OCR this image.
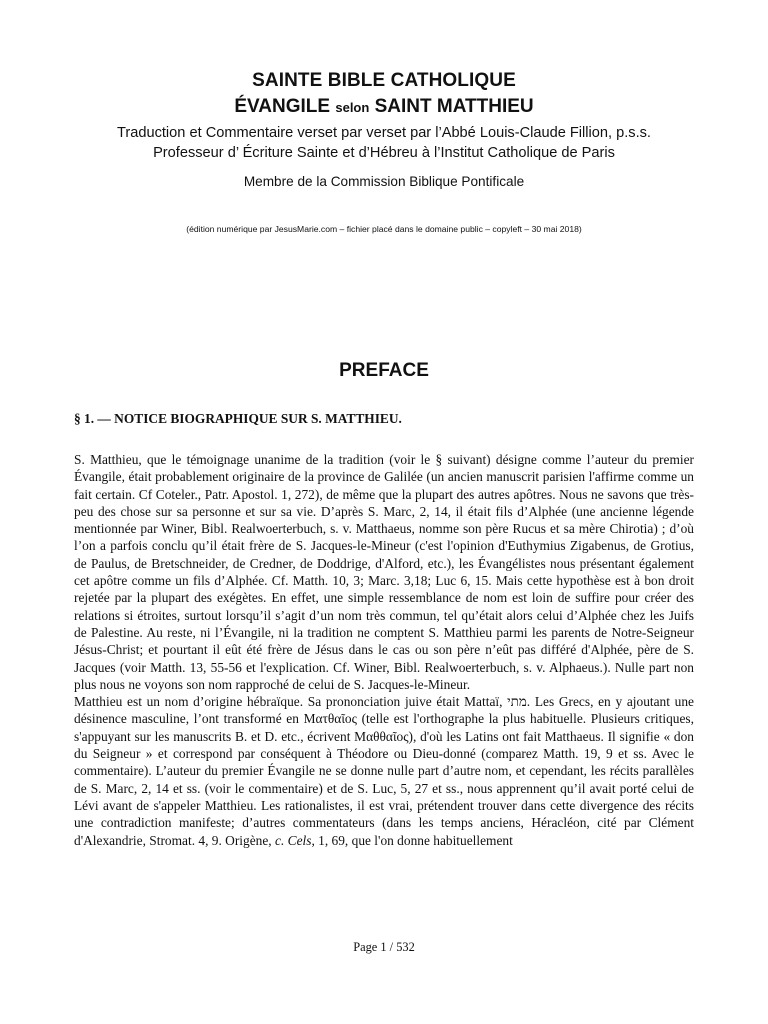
SAINTE BIBLE CATHOLIQUE
ÉVANGILE selon SAINT MATTHIEU
Traduction et Commentaire verset par verset par l’Abbé Louis-Claude Fillion, p.s.s.
Professeur d’ Écriture Sainte et d’Hébreu à l’Institut Catholique de Paris
Membre de la Commission Biblique Pontificale
(édition numérique par JesusMarie.com – fichier placé dans le domaine public – copyleft – 30 mai 2018)
PREFACE
§ 1. — NOTICE BIOGRAPHIQUE SUR S. MATTHIEU.

S. Matthieu, que le témoignage unanime de la tradition (voir le § suivant) désigne comme l’auteur du premier Évangile, était probablement originaire de la province de Galilée (un ancien manuscrit parisien l'affirme comme un fait certain. Cf Coteler., Patr. Apostol. 1, 272), de même que la plupart des autres apôtres. Nous ne savons que très-peu des chose sur sa personne et sur sa vie. D’après S. Marc, 2, 14, il était fils d’Alphée (une ancienne légende mentionnée par Winer, Bibl. Realwoerterbuch, s. v. Matthaeus, nomme son père Rucus et sa mère Chirotia) ; d’où l’on a parfois conclu qu’il était frère de S. Jacques-le-Mineur (c'est l'opinion d'Euthymius Zigabenus, de Grotius, de Paulus, de Bretschneider, de Credner, de Doddrige, d'Alford, etc.), les Évangélistes nous présentant également cet apôtre comme un fils d’Alphée. Cf. Matth. 10, 3; Marc. 3,18; Luc 6, 15. Mais cette hypothèse est à bon droit rejetée par la plupart des exégètes. En effet, une simple ressemblance de nom est loin de suffire pour créer des relations si étroites, surtout lorsqu’il s’agit d’un nom très commun, tel qu’était alors celui d’Alphée chez les Juifs de Palestine. Au reste, ni l’Évangile, ni la tradition ne comptent S. Matthieu parmi les parents de Notre-Seigneur Jésus-Christ; et pourtant il eût été frère de Jésus dans le cas ou son père n’eût pas différé d'Alphée, père de S. Jacques (voir Matth. 13, 55-56 et l'explication. Cf. Winer, Bibl. Realwoerterbuch, s. v. Alphaeus.). Nulle part non plus nous ne voyons son nom rapproché de celui de S. Jacques-le-Mineur.

Matthieu est un nom d’origine hébraïque. Sa prononciation juive était Mattaï, מתי. Les Grecs, en y ajoutant une désinence masculine, l’ont transformé en Ματθαῖος (telle est l'orthographe la plus habituelle. Plusieurs critiques, s'appuyant sur les manuscrits B. et D. etc., écrivent Μαθθαῖος), d'où les Latins ont fait Matthaeus. Il signifie « don du Seigneur » et correspond par conséquent à Théodore ou Dieu-donné (comparez Matth. 19, 9 et ss. Avec le commentaire). L’auteur du premier Évangile ne se donne nulle part d’autre nom, et cependant, les récits parallèles de S. Marc, 2, 14 et ss. (voir le commentaire) et de S. Luc, 5, 27 et ss., nous apprennent qu’il avait porté celui de Lévi avant de s'appeler Matthieu. Les rationalistes, il est vrai, prétendent trouver dans cette divergence des récits une contradiction manifeste; d’autres commentateurs (dans les temps anciens, Héracléon, cité par Clément d'Alexandrie, Stromat. 4, 9. Origène, c. Cels, 1, 69, que l'on donne habituellement

Page 1 / 532
